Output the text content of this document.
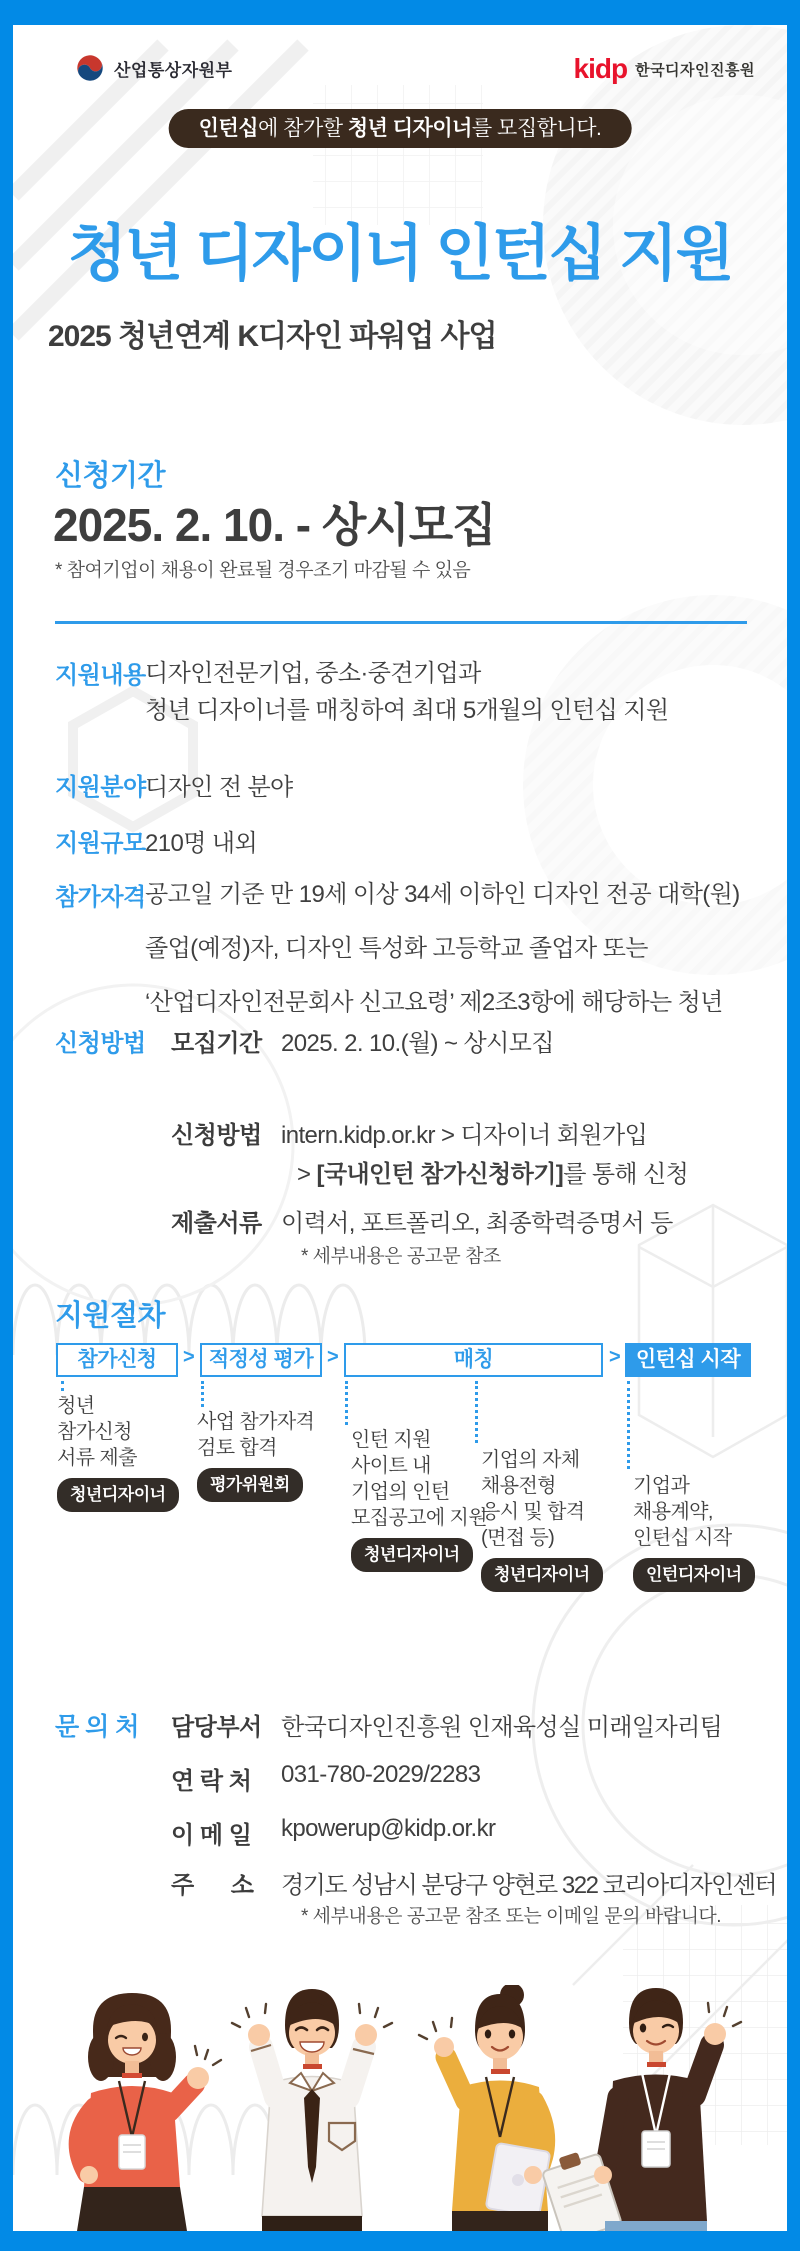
산업통상자원부	kidp 한국디자인진흥원
인턴십에 참가할 청년 디자이너를 모집합니다.
청년 디자이너 인턴십 지원
2025 청년연계 K디자인 파워업 사업
신청기간
2025. 2. 10. - 상시모집
* 참여기업이 채용이 완료될 경우조기 마감될 수 있음
지원내용 디자인전문기업, 중소·중견기업과
청년 디자이너를 매칭하여 최대 5개월의 인턴십 지원
지원분야 디자인 전 분야
지원규모 210명 내외
참가자격 공고일 기준 만 19세 이상 34세 이하인 디자인 전공 대학(원)
졸업(예정)자, 디자인 특성화 고등학교 졸업자 또는
‘산업디자인전문회사 신고요령’ 제2조3항에 해당하는 청년
신청방법 모집기간 2025. 2. 10.(월) ~ 상시모집
신청방법 intern.kidp.or.kr > 디자이너 회원가입
> [국내인턴 참가신청하기]를 통해 신청
제출서류 이력서, 포트폴리오, 최종학력증명서 등
* 세부내용은 공고문 참조
지원절차
참가신청	> 적정성 평가 >	매칭	> 인턴십 시작
청년
참가신청
서류 제출
청년디자이너
사업 참가자격
검토 합격
평가위원회
인턴 지원
사이트 내
기업의 인턴
모집공고에 지원
청년디자이너
기업의 자체
채용전형
응시 및 합격
(면접 등)
청년디자이너
기업과
채용계약,
인턴십 시작
인턴디자이너
문 의 처 담당부서 한국디자인진흥원 인재육성실 미래일자리팀
연 락 처 031-780-2029/2283
이 메 일 kpowerup@kidp.or.kr
주      소 경기도 성남시 분당구 양현로 322 코리아디자인센터
* 세부내용은 공고문 참조 또는 이메일 문의 바랍니다.
